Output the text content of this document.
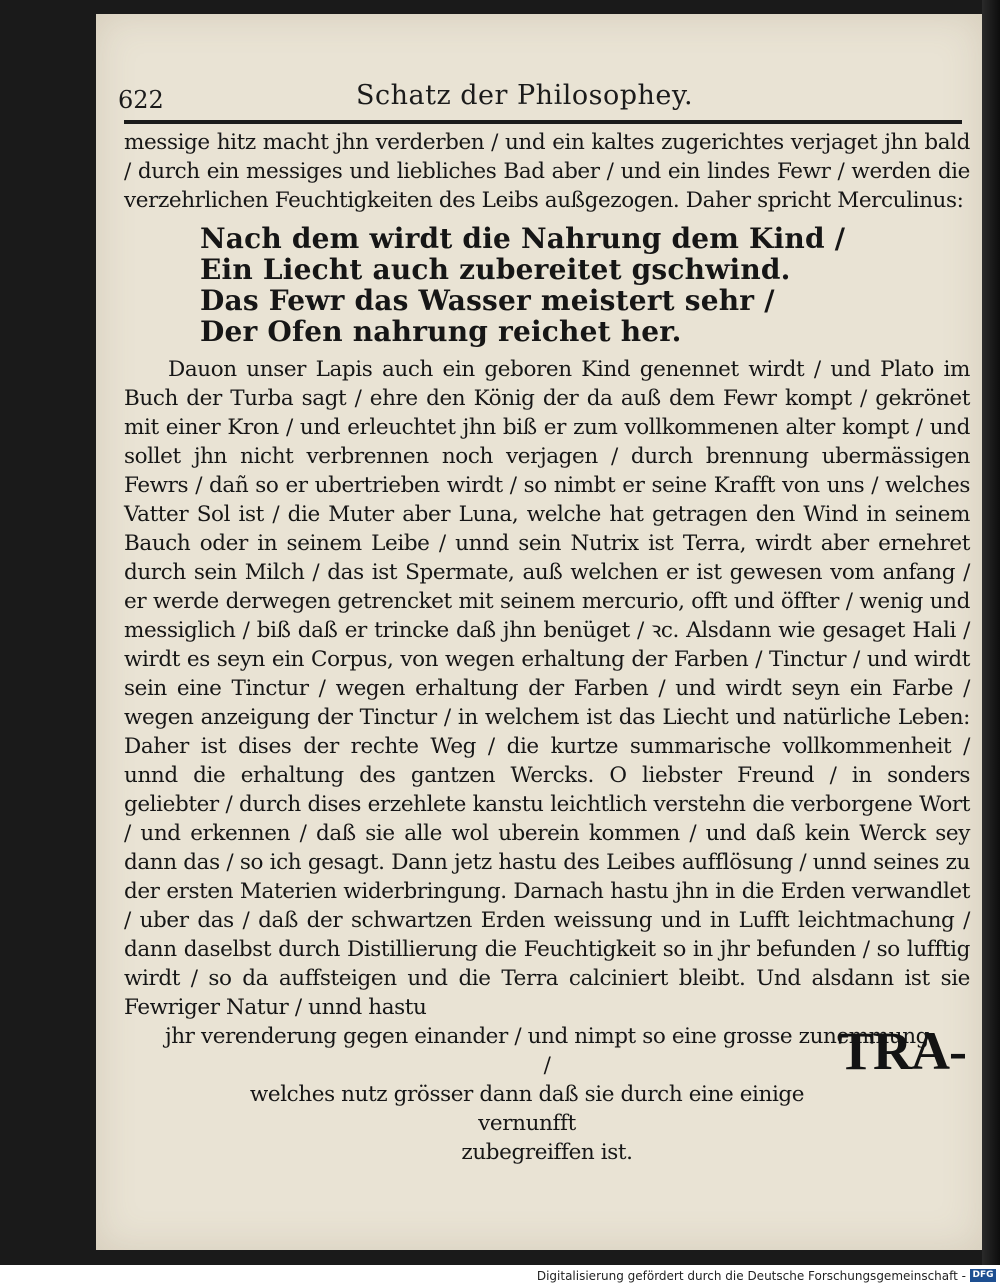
622	Schatz der Philosophey.

messige hitz macht jhn verderben / und ein kaltes zugerichtes verjaget jhn bald / durch ein messiges und liebliches Bad aber / und ein lindes Fewr / werden die verzehrlichen Feuchtigkeiten des Leibs außgezogen. Daher spricht Merculinus:

Nach dem wirdt die Nahrung dem Kind /
Ein Liecht auch zubereitet gschwind.
Das Fewr das Wasser meistert sehr /
Der Ofen nahrung reichet her.

Dauon unser Lapis auch ein geboren Kind genennet wirdt / und Plato im Buch der Turba sagt / ehre den König der da auß dem Fewr kompt / gekrönet mit einer Kron / und erleuchtet jhn biß er zum vollkommenen alter kompt / und sollet jhn nicht verbrennen noch verjagen / durch brennung ubermässigen Fewrs / dañ so er ubertrieben wirdt / so nimbt er seine Krafft von uns / welches Vatter Sol ist / die Muter aber Luna, welche hat getragen den Wind in seinem Bauch oder in seinem Leibe / unnd sein Nutrix ist Terra, wirdt aber ernehret durch sein Milch / das ist Spermate, auß welchen er ist gewesen vom anfang / er werde derwegen getrencket mit seinem mercurio, offt und öffter / wenig und messiglich / biß daß er trincke daß jhn benüget / ꝛc. Alsdann wie gesaget Hali / wirdt es seyn ein Corpus, von wegen erhaltung der Farben / Tinctur / und wirdt sein eine Tinctur / wegen erhaltung der Farben / und wirdt seyn ein Farbe / wegen anzeigung der Tinctur / in welchem ist das Liecht und natürliche Leben: Daher ist dises der rechte Weg / die kurtze summarische vollkommenheit / unnd die erhaltung des gantzen Wercks. O liebster Freund / in sonders geliebter / durch dises erzehlete kanstu leichtlich verstehn die verborgene Wort / und erkennen / daß sie alle wol uberein kommen / und daß kein Werck sey dann das / so ich gesagt. Dann jetz hastu des Leibes aufflösung / unnd seines zu der ersten Materien widerbringung. Darnach hastu jhn in die Erden verwandlet / uber das / daß der schwartzen Erden weissung und in Lufft leichtmachung / dann daselbst durch Distillierung die Feuchtigkeit so in jhr befunden / so lufftig wirdt / so da auffsteigen und die Terra calciniert bleibt. Und alsdann ist sie Fewriger Natur / unnd hastu

jhr verenderung gegen einander / und nimpt so eine grosse zunemmung /
welches nutz grösser dann daß sie durch eine einige vernunfft
zubegreiffen ist.
TRA-
Digitalisierung gefördert durch die Deutsche Forschungsgemeinschaft - DFG
